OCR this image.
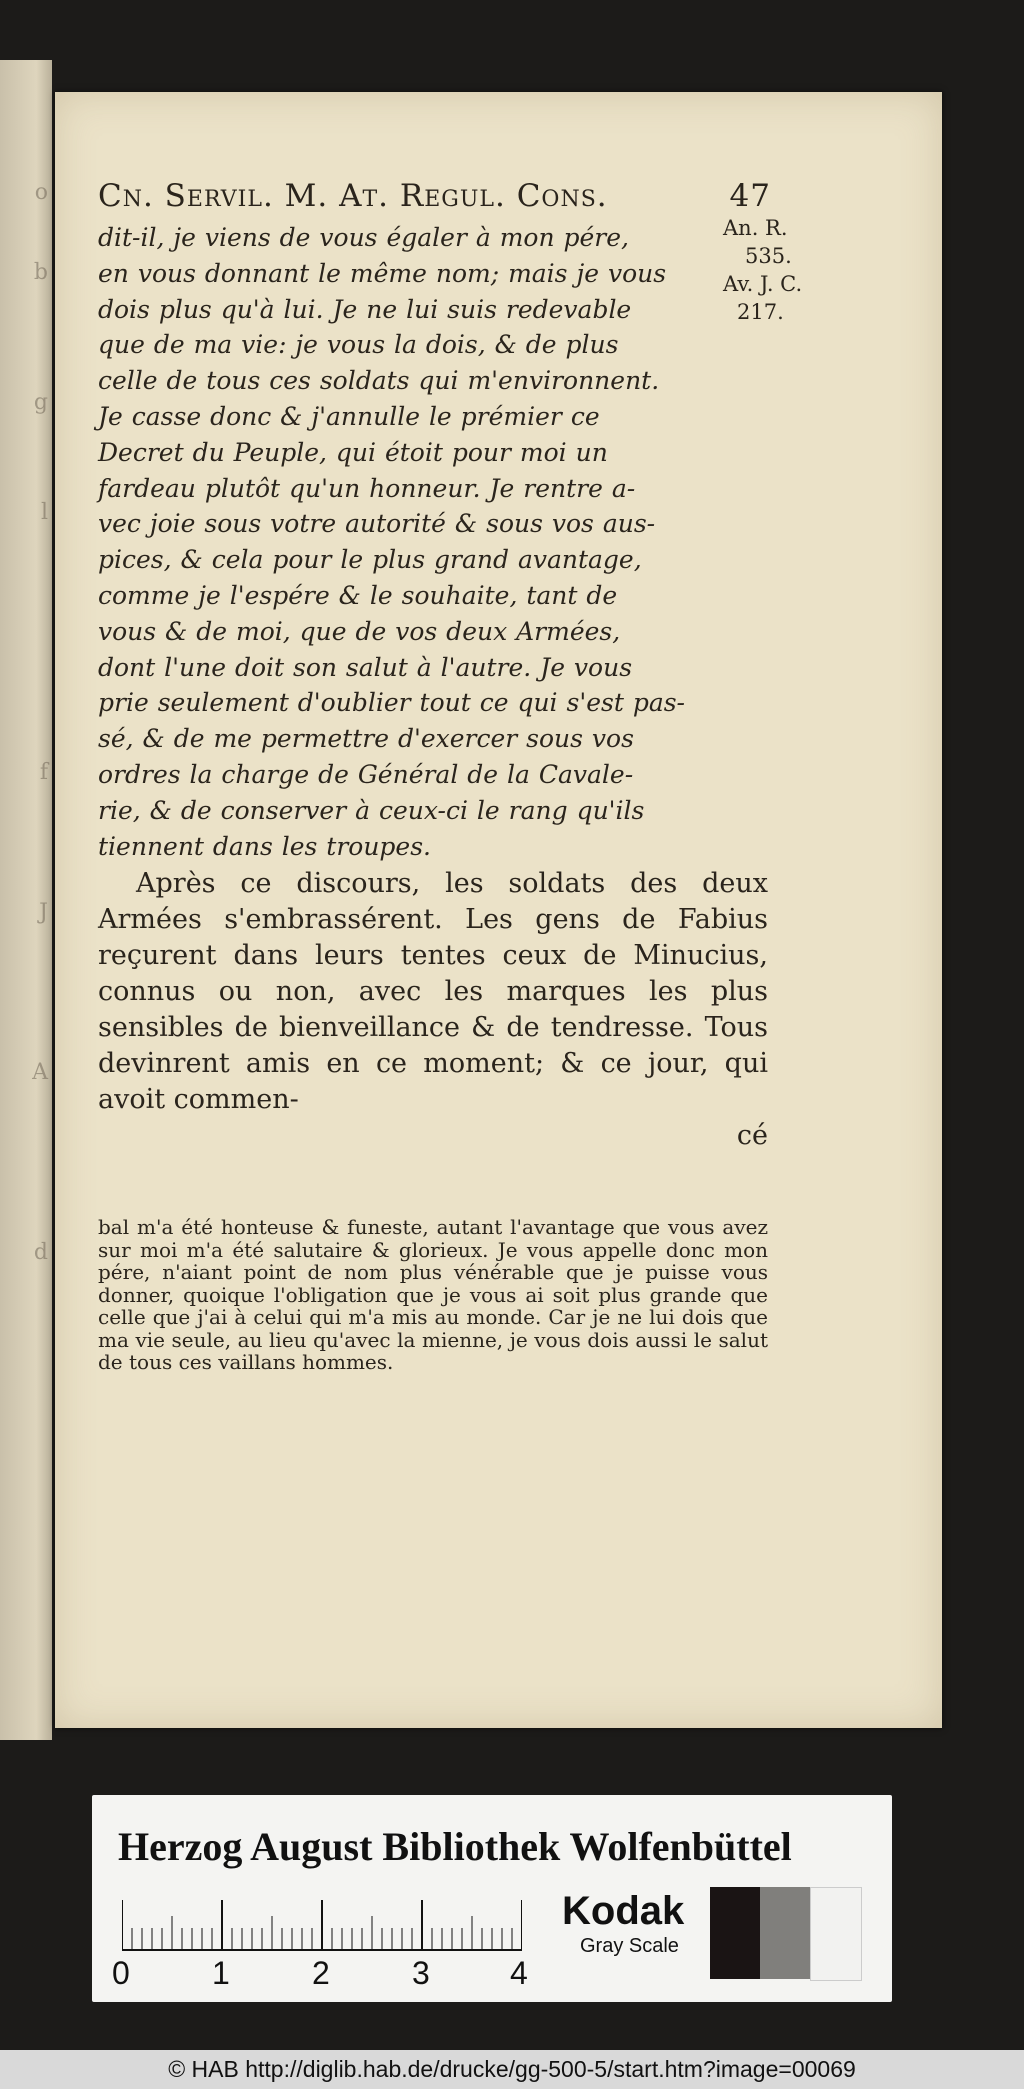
o
b
g
l
f
J
A
d
Cn. Servil. M. At. Regul. Cons.	47
An. R.
535.
Av. J. C.
217.

dit-il, je viens de vous égaler à mon pére,

en vous donnant le même nom; mais je vous

dois plus qu'à lui. Je ne lui suis redevable

que de ma vie: je vous la dois, & de plus

celle de tous ces soldats qui m'environnent.

Je casse donc & j'annulle le prémier ce

Decret du Peuple, qui étoit pour moi un

fardeau plutôt qu'un honneur. Je rentre a-

vec joie sous votre autorité & sous vos aus-

pices, & cela pour le plus grand avantage,

comme je l'espére & le souhaite, tant de

vous & de moi, que de vos deux Armées,

dont l'une doit son salut à l'autre. Je vous

prie seulement d'oublier tout ce qui s'est pas-

sé, & de me permettre d'exercer sous vos

ordres la charge de Général de la Cavale-

rie, & de conserver à ceux-ci le rang qu'ils

tiennent dans les troupes.

Après ce discours, les soldats des deux Armées s'embrassérent. Les gens de Fabius reçurent dans leurs tentes ceux de Minucius, connus ou non, avec les marques les plus sensibles de bienveillance & de tendresse. Tous devinrent amis en ce moment; & ce jour, qui avoit commen-

cé

bal m'a été honteuse & funeste, autant l'avantage que vous avez sur moi m'a été salutaire & glorieux. Je vous appelle donc mon pére, n'aiant point de nom plus vénérable que je puisse vous donner, quoique l'obligation que je vous ai soit plus grande que celle que j'ai à celui qui m'a mis au monde. Car je ne lui dois que ma vie seule, au lieu qu'avec la mienne, je vous dois aussi le salut de tous ces vaillans hommes.
Herzog August Bibliothek Wolfenbüttel
0	1	2	3	4
Kodak
Gray Scale
© HAB http://diglib.hab.de/drucke/gg-500-5/start.htm?image=00069
